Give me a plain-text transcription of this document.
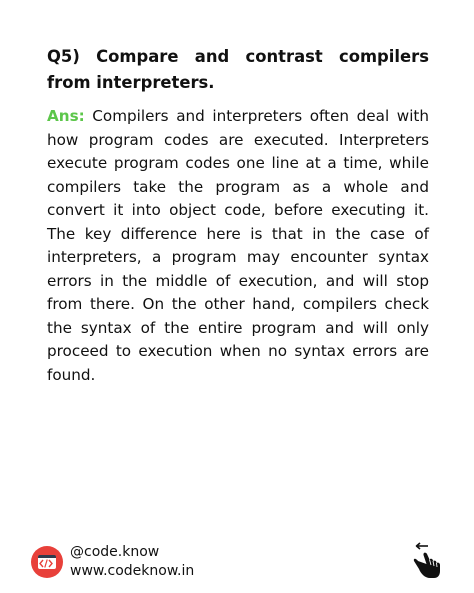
Q5) Compare and contrast compilers from interpreters.

Ans: Compilers and interpreters often deal with how program codes are executed. Interpreters execute program codes one line at a time, while compilers take the program as a whole and convert it into object code, before executing it. The key difference here is that in the case of interpreters, a program may encounter syntax errors in the middle of execution, and will stop from there. On the other hand, compilers check the syntax of the entire program and will only proceed to execution when no syntax errors are found.

@code.know
www.codeknow.in
